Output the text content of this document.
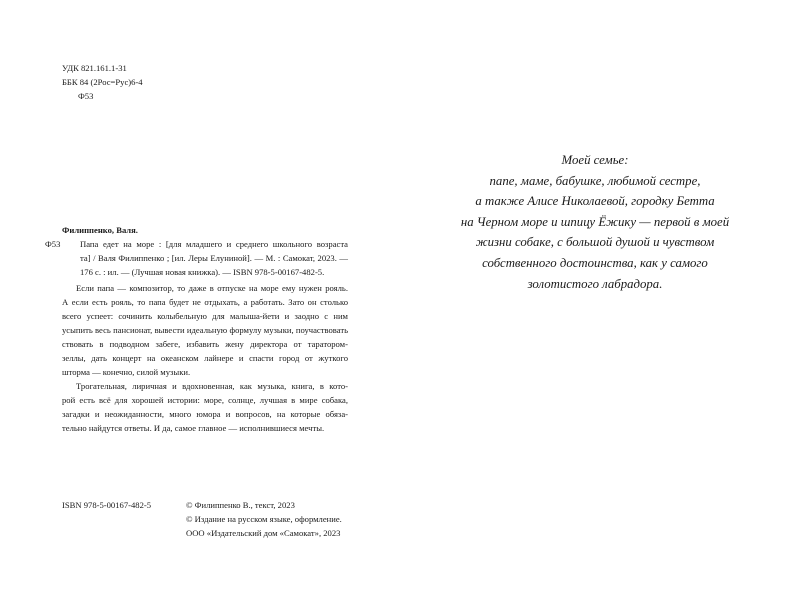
УДК 821.161.1-31
ББК 84 (2Рос=Рус)6-4
Ф53
Филиппенко, Валя.
Ф53 Папа едет на море : [для младшего и среднего школьного возраста
та] / Валя Филиппенко ; [ил. Леры Елуниной]. — М. : Самокат, 2023. —
176 с. : ил. — (Лучшая новая книжка). — ISBN 978-5-00167-482-5.
Если папа — композитор, то даже в отпуске на море ему нужен рояль.
А если есть рояль, то папа будет не отдыхать, а работать. Зато он столько
всего успеет: сочинить колыбельную для малыша-йети и заодно с ним
усыпить весь пансионат, вывести идеальную формулу музыки, поучаствовать
ствовать в подводном забеге, избавить жену директора от таратором-
зеллы, дать концерт на океанском лайнере и спасти город от жуткого
шторма — конечно, силой музыки.
Трогательная, лиричная и вдохновенная, как музыка, книга, в кото-
рой есть всё для хорошей истории: море, солнце, лучшая в мире собака,
загадки и неожиданности, много юмора и вопросов, на которые обяза-
тельно найдутся ответы. И да, самое главное — исполнившиеся мечты.
ISBN 978-5-00167-482-5	© Филиппенко В., текст, 2023
© Издание на русском языке, оформление.
ООО «Издательский дом «Самокат», 2023
Моей семье:
папе, маме, бабушке, любимой сестре,
а также Алисе Николаевой, городку Бетта
на Черном море и шпицу Ёжику — первой в моей
жизни собаке, с большой душой и чувством
собственного достоинства, как у самого
золотистого лабрадора.
